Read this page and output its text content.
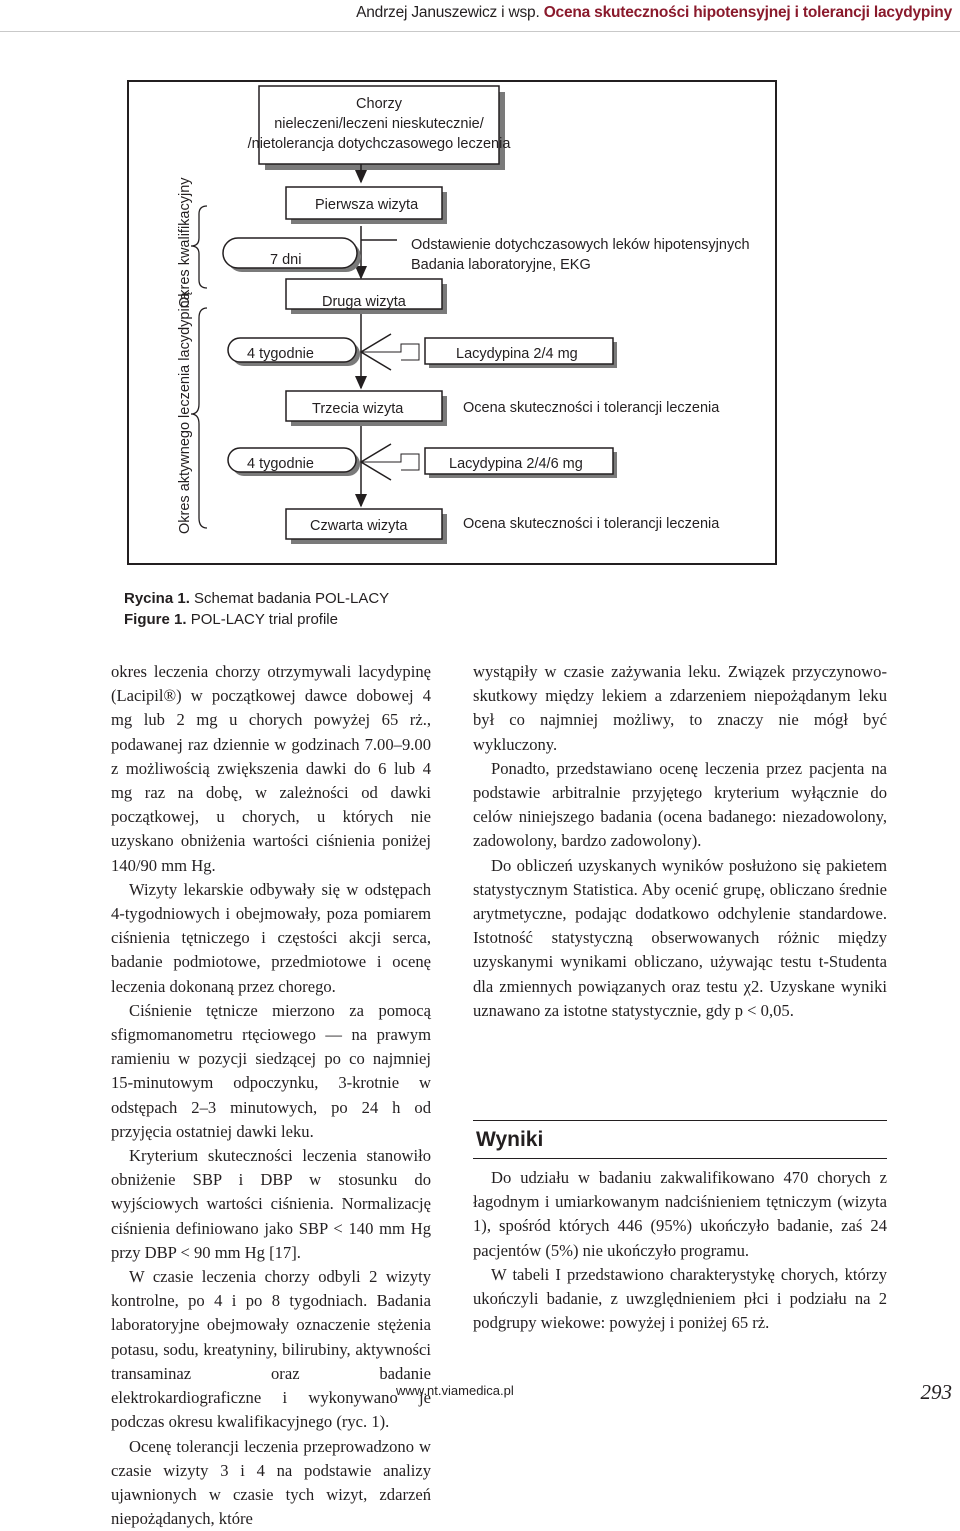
Andrzej Januszewicz i wsp. Ocena skuteczności hipotensyjnej i tolerancji lacydypiny
Chorzy
nieleczeni/leczeni nieskutecznie/
/nietolerancja dotychczasowego leczenia
Pierwsza wizyta
Druga wizyta
Trzecia wizyta
Czwarta wizyta
7 dni
4 tygodnie
4 tygodnie
Okres kwalifikacyjny
Okres aktywnego leczenia lacydypiną
Odstawienie dotychczasowych leków hipotensyjnych
Badania laboratoryjne, EKG
Lacydypina 2/4 mg
Ocena skuteczności i tolerancji leczenia
Lacydypina 2/4/6 mg
Ocena skuteczności i tolerancji leczenia
Rycina 1. Schemat badania POL-LACY
Figure 1. POL-LACY trial profile

okres leczenia chorzy otrzymywali lacydypinę (Lacipil®) w początkowej dawce dobowej 4 mg lub 2 mg u chorych powyżej 65 rż., podawanej raz dziennie w godzinach 7.00–9.00 z możliwością zwiększenia dawki do 6 lub 4 mg raz na dobę, w zależności od dawki początkowej, u chorych, u których nie uzyskano obniżenia wartości ciśnienia poniżej 140/90 mm Hg.

Wizyty lekarskie odbywały się w odstępach 4-tygodniowych i obejmowały, poza pomiarem ciśnienia tętniczego i częstości akcji serca, badanie podmiotowe, przedmiotowe i ocenę leczenia dokonaną przez chorego.

Ciśnienie tętnicze mierzono za pomocą sfigmomanometru rtęciowego — na prawym ramieniu w pozycji siedzącej po co najmniej 15-minutowym odpoczynku, 3-krotnie w odstępach 2–3 minutowych, po 24 h od przyjęcia ostatniej dawki leku.

Kryterium skuteczności leczenia stanowiło obniżenie SBP i DBP w stosunku do wyjściowych wartości ciśnienia. Normalizację ciśnienia definiowano jako SBP < 140 mm Hg przy DBP < 90 mm Hg [17].

W czasie leczenia chorzy odbyli 2 wizyty kontrolne, po 4 i po 8 tygodniach. Badania laboratoryjne obejmowały oznaczenie stężenia potasu, sodu, kreatyniny, bilirubiny, aktywności transaminaz oraz badanie elektrokardiograficzne i wykonywano je podczas okresu kwalifikacyjnego (ryc. 1).

Ocenę tolerancji leczenia przeprowadzono w czasie wizyty 3 i 4 na podstawie analizy ujawnionych w czasie tych wizyt, zdarzeń niepożądanych, które

wystąpiły w czasie zażywania leku. Związek przyczynowo-skutkowy między lekiem a zdarzeniem niepożądanym leku był co najmniej możliwy, to znaczy nie mógł być wykluczony.

Ponadto, przedstawiano ocenę leczenia przez pacjenta na podstawie arbitralnie przyjętego kryterium wyłącznie do celów niniejszego badania (ocena badanego: niezadowolony, zadowolony, bardzo zadowolony).

Do obliczeń uzyskanych wyników posłużono się pakietem statystycznym Statistica. Aby ocenić grupę, obliczano średnie arytmetyczne, podając dodatkowo odchylenie standardowe. Istotność statystyczną obserwowanych różnic między uzyskanymi wynikami obliczano, używając testu t-Studenta dla zmiennych powiązanych oraz testu χ2. Uzyskane wyniki uznawano za istotne statystycznie, gdy p < 0,05.

Wyniki

Do udziału w badaniu zakwalifikowano 470 chorych z łagodnym i umiarkowanym nadciśnieniem tętniczym (wizyta 1), spośród których 446 (95%) ukończyło badanie, zaś 24 pacjentów (5%) nie ukończyło programu.

W tabeli I przedstawiono charakterystykę chorych, którzy ukończyli badanie, z uwzględnieniem płci i podziału na 2 podgrupy wiekowe: powyżej i poniżej 65 rż.

www.nt.viamedica.pl	293
